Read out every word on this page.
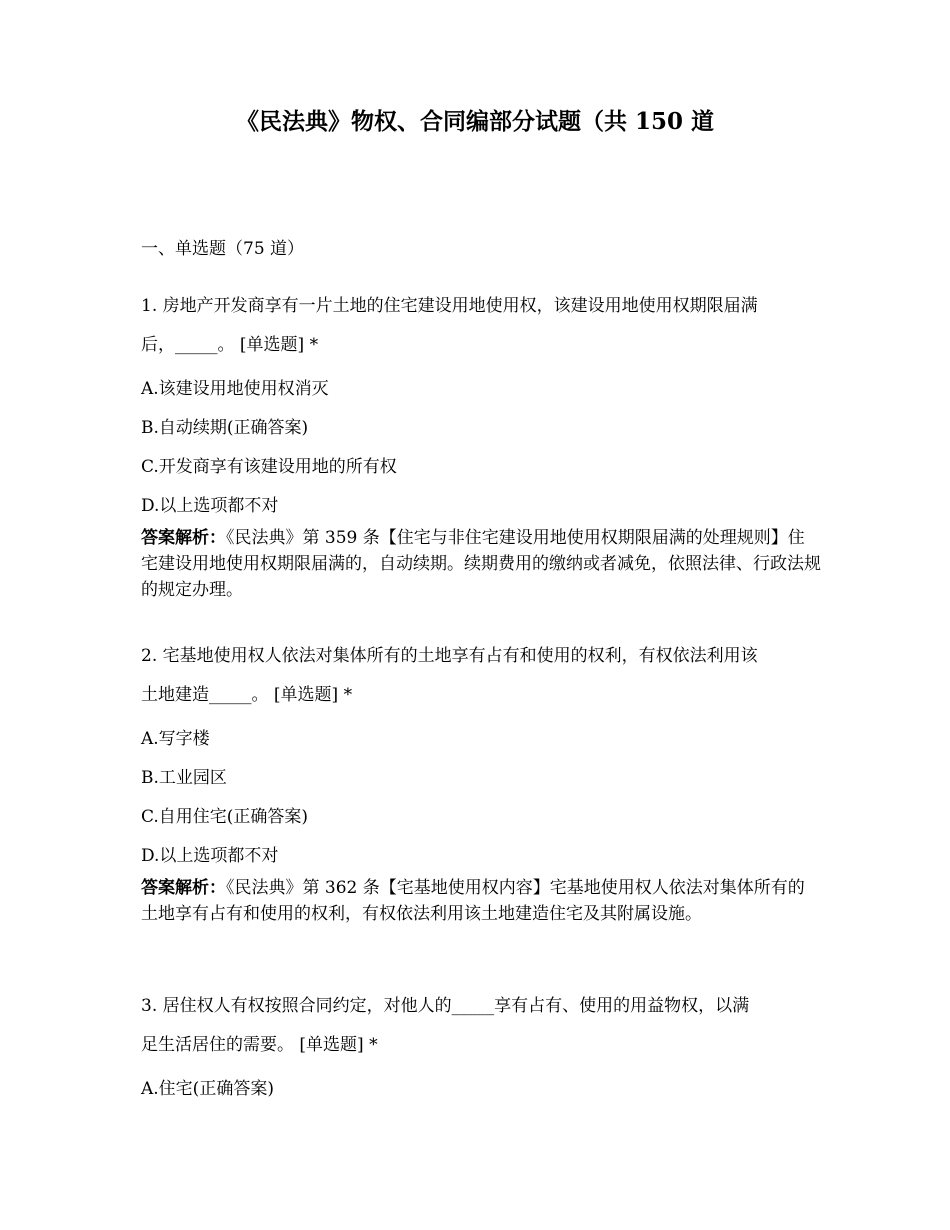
《民法典》物权、合同编部分试题（共 150 道
一、单选题（75 道）
1. 房地产开发商享有一片土地的住宅建设用地使用权，该建设用地使用权期限届满
后，_____。 [单选题] *
A.该建设用地使用权消灭
B.自动续期(正确答案)
C.开发商享有该建设用地的所有权
D.以上选项都不对
答案解析：《民法典》第 359 条【住宅与非住宅建设用地使用权期限届满的处理规则】住宅建设用地使用权期限届满的，自动续期。续期费用的缴纳或者减免，依照法律、行政法规的规定办理。
2. 宅基地使用权人依法对集体所有的土地享有占有和使用的权利，有权依法利用该
土地建造_____。 [单选题] *
A.写字楼
B.工业园区
C.自用住宅(正确答案)
D.以上选项都不对
答案解析：《民法典》第 362 条【宅基地使用权内容】宅基地使用权人依法对集体所有的土地享有占有和使用的权利，有权依法利用该土地建造住宅及其附属设施。
3. 居住权人有权按照合同约定，对他人的_____享有占有、使用的用益物权，以满
足生活居住的需要。 [单选题] *
A.住宅(正确答案)
